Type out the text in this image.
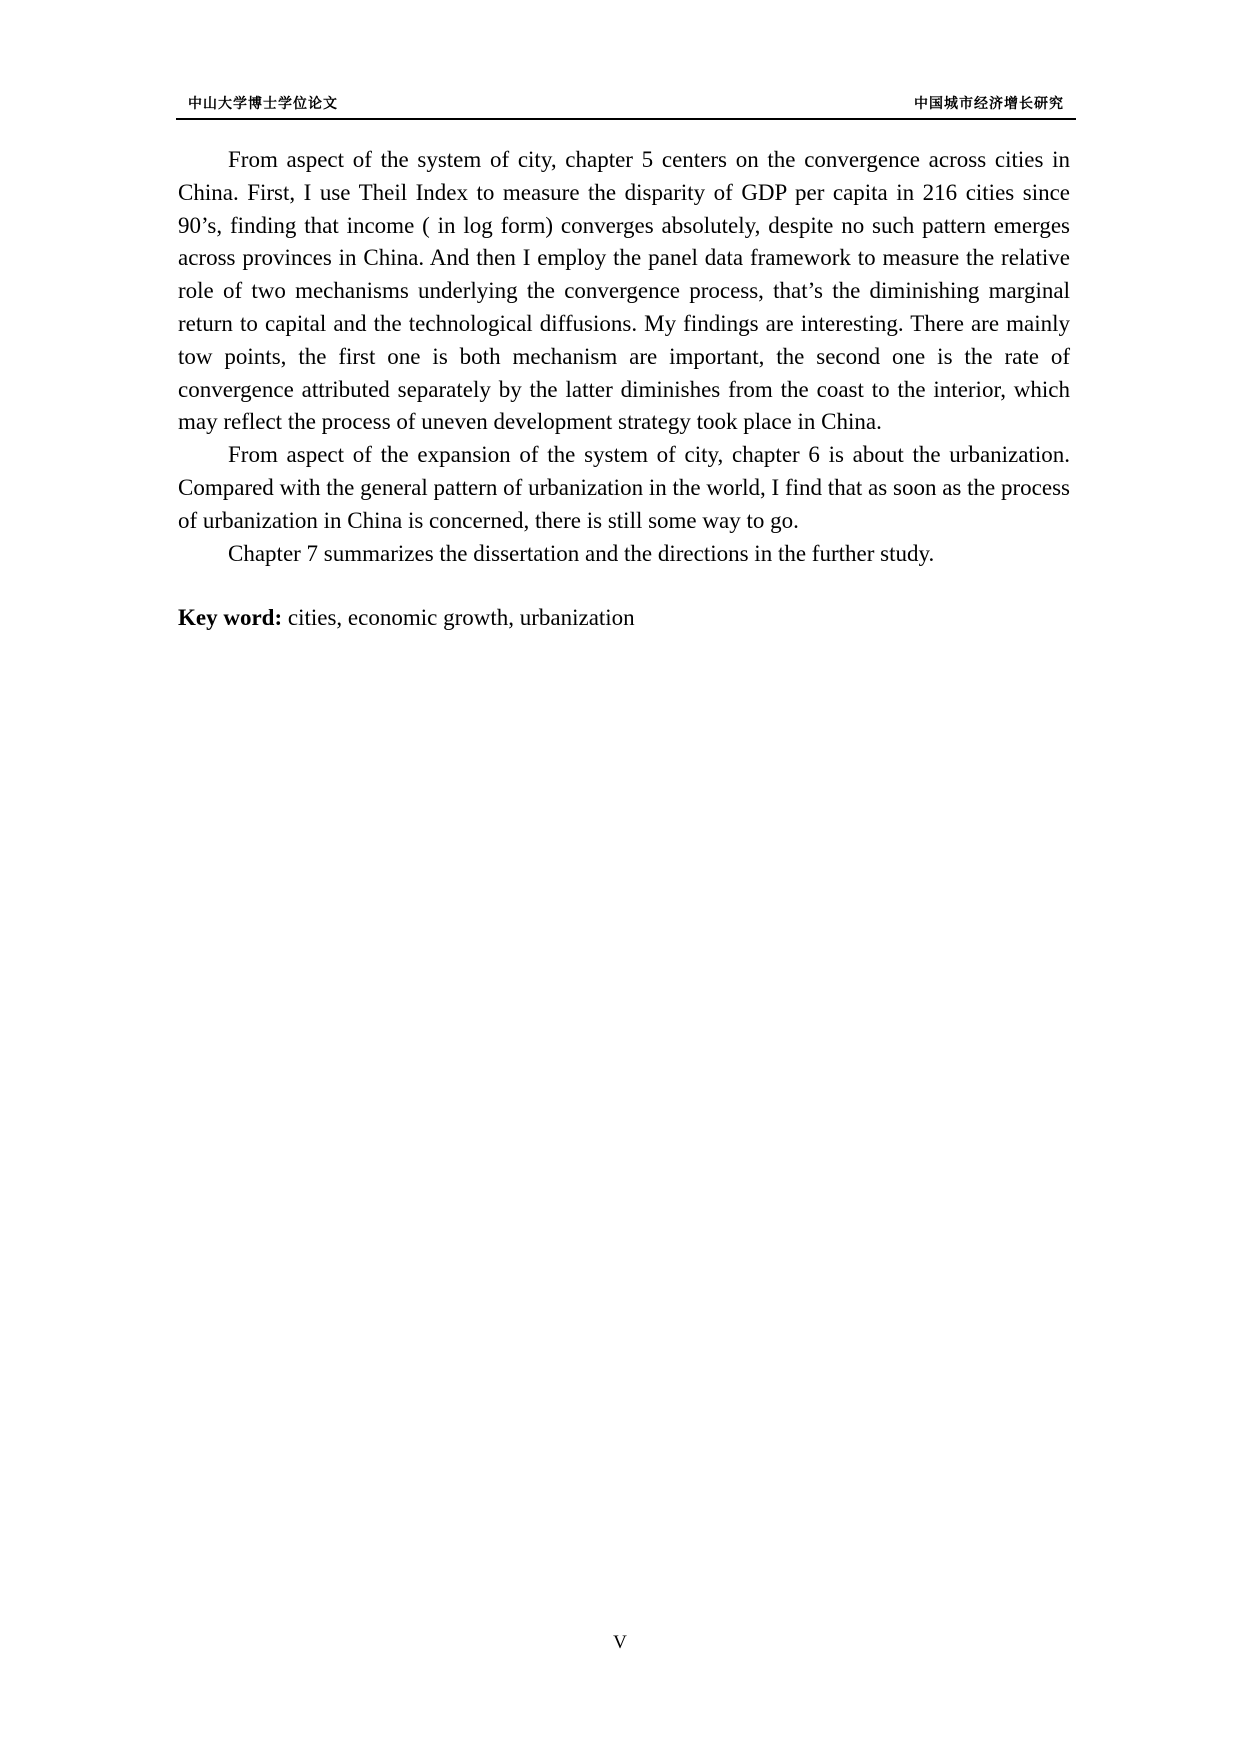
中山大学博士学位论文	中国城市经济增长研究

From aspect of the system of city, chapter 5 centers on the convergence across cities in China. First, I use Theil Index to measure the disparity of GDP per capita in 216 cities since 90’s, finding that income ( in log form) converges absolutely, despite no such pattern emerges across provinces in China. And then I employ the panel data framework to measure the relative role of two mechanisms underlying the convergence process, that’s the diminishing marginal return to capital and the technological diffusions. My findings are interesting. There are mainly tow points, the first one is both mechanism are important, the second one is the rate of convergence attributed separately by the latter diminishes from the coast to the interior, which may reflect the process of uneven development strategy took place in China.

From aspect of the expansion of the system of city, chapter 6 is about the urbanization. Compared with the general pattern of urbanization in the world, I find that as soon as the process of urbanization in China is concerned, there is still some way to go.

Chapter 7 summarizes the dissertation and the directions in the further study.

Key word: cities, economic growth, urbanization
V
